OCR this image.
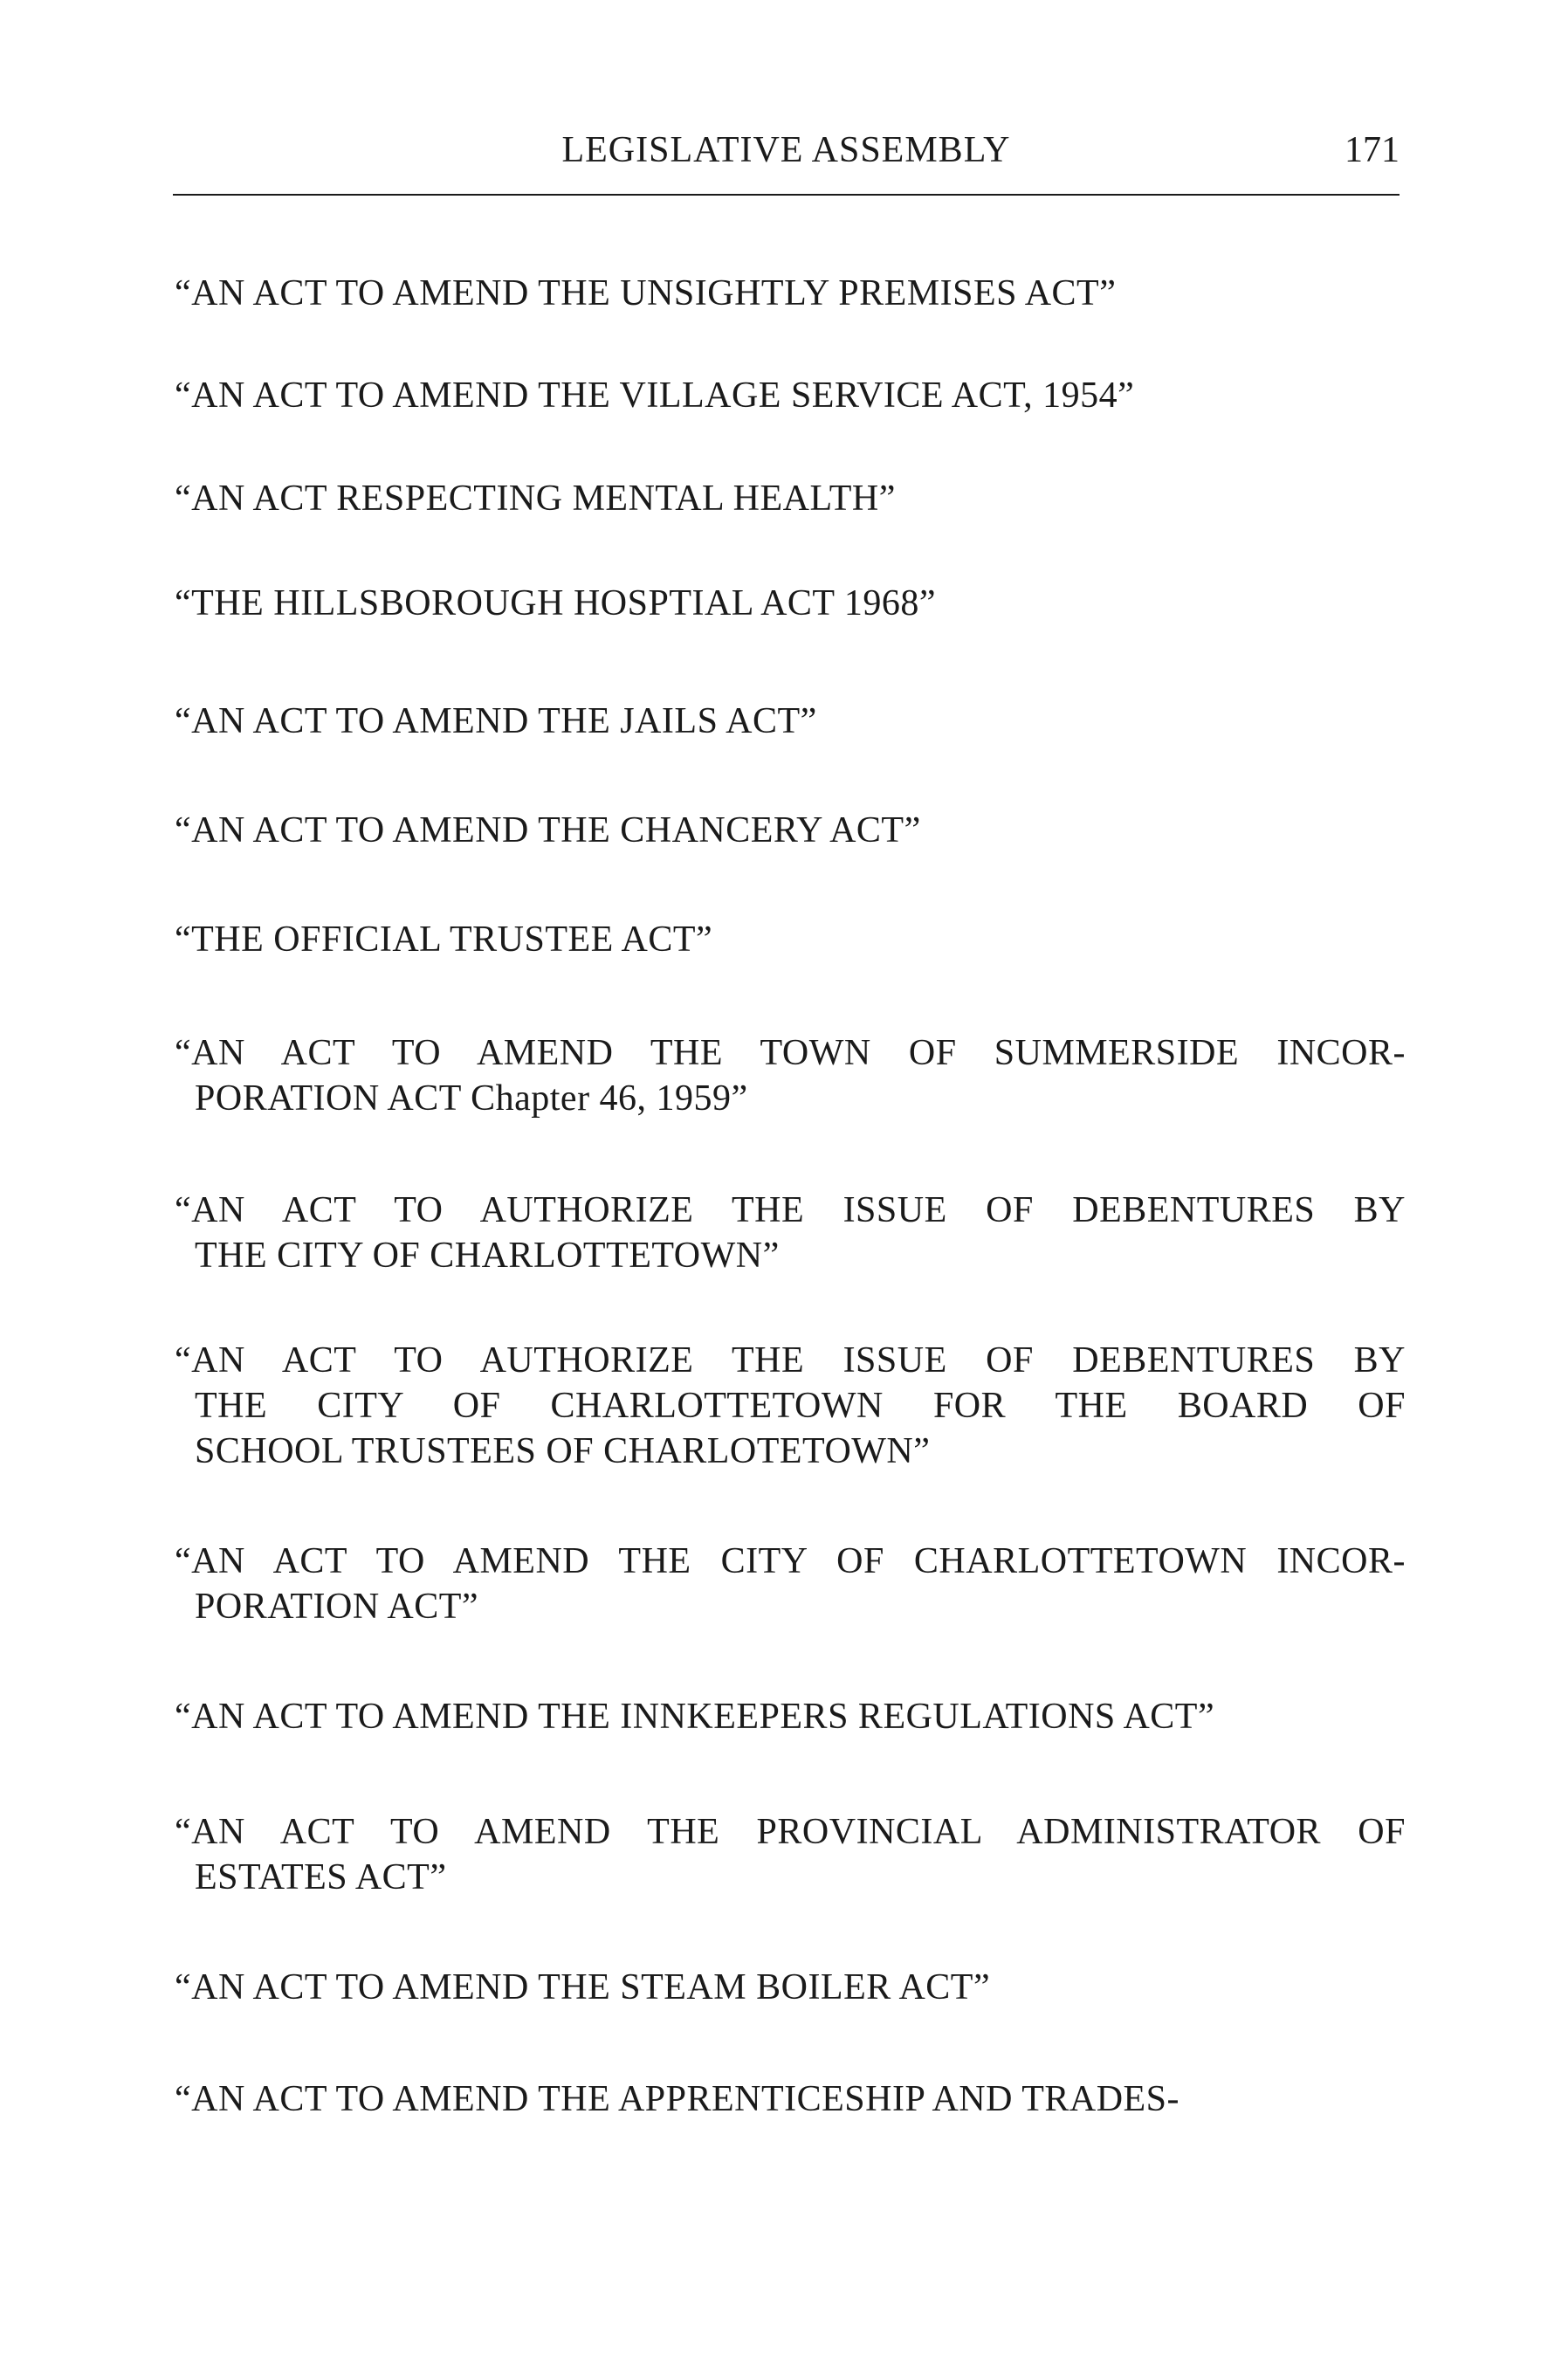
LEGISLATIVE ASSEMBLY	171
“AN ACT TO AMEND THE UNSIGHTLY PREMISES ACT”
“AN ACT TO AMEND THE VILLAGE SERVICE ACT, 1954”
“AN ACT RESPECTING MENTAL HEALTH”
“THE HILLSBOROUGH HOSPTIAL ACT 1968”
“AN ACT TO AMEND THE JAILS ACT”
“AN ACT TO AMEND THE CHANCERY ACT”
“THE OFFICIAL TRUSTEE ACT”
“AN ACT TO AMEND THE TOWN OF SUMMERSIDE INCOR-
PORATION ACT Chapter 46, 1959”
“AN ACT TO AUTHORIZE THE ISSUE OF DEBENTURES BY
THE CITY OF CHARLOTTETOWN”
“AN ACT TO AUTHORIZE THE ISSUE OF DEBENTURES BY
THE CITY OF CHARLOTTETOWN FOR THE BOARD OF
SCHOOL TRUSTEES OF CHARLOTETOWN”
“AN ACT TO AMEND THE CITY OF CHARLOTTETOWN INCOR-
PORATION ACT”
“AN ACT TO AMEND THE INNKEEPERS REGULATIONS ACT”
“AN ACT TO AMEND THE PROVINCIAL ADMINISTRATOR OF
ESTATES ACT”
“AN ACT TO AMEND THE STEAM BOILER ACT”
“AN ACT TO AMEND THE APPRENTICESHIP AND TRADES-
